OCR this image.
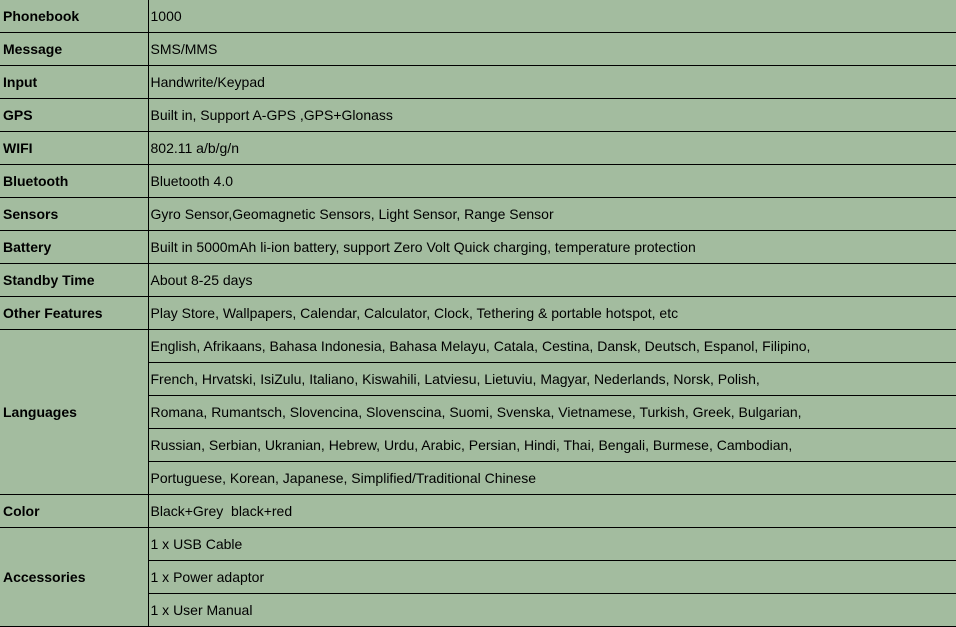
Phonebook	1000
Message	SMS/MMS
Input	Handwrite/Keypad
GPS	Built in, Support A-GPS ,GPS+Glonass
WIFI	802.11 a/b/g/n
Bluetooth	Bluetooth 4.0
Sensors	Gyro Sensor,Geomagnetic Sensors, Light Sensor, Range Sensor
Battery	Built in 5000mAh li-ion battery, support Zero Volt Quick charging, temperature protection
Standby Time	About 8-25 days
Other Features	Play Store, Wallpapers, Calendar, Calculator, Clock, Tethering & portable hotspot, etc
Languages	English, Afrikaans, Bahasa Indonesia, Bahasa Melayu, Catala, Cestina, Dansk, Deutsch, Espanol, Filipino,
	French, Hrvatski, IsiZulu, Italiano, Kiswahili, Latviesu, Lietuviu, Magyar, Nederlands, Norsk, Polish,
	Romana, Rumantsch, Slovencina, Slovenscina, Suomi, Svenska, Vietnamese, Turkish, Greek, Bulgarian,
	Russian, Serbian, Ukranian, Hebrew, Urdu, Arabic, Persian, Hindi, Thai, Bengali, Burmese, Cambodian,
	Portuguese, Korean, Japanese, Simplified/Traditional Chinese
Color	Black+Grey  black+red
Accessories	1 x USB Cable
	1 x Power adaptor
	1 x User Manual
